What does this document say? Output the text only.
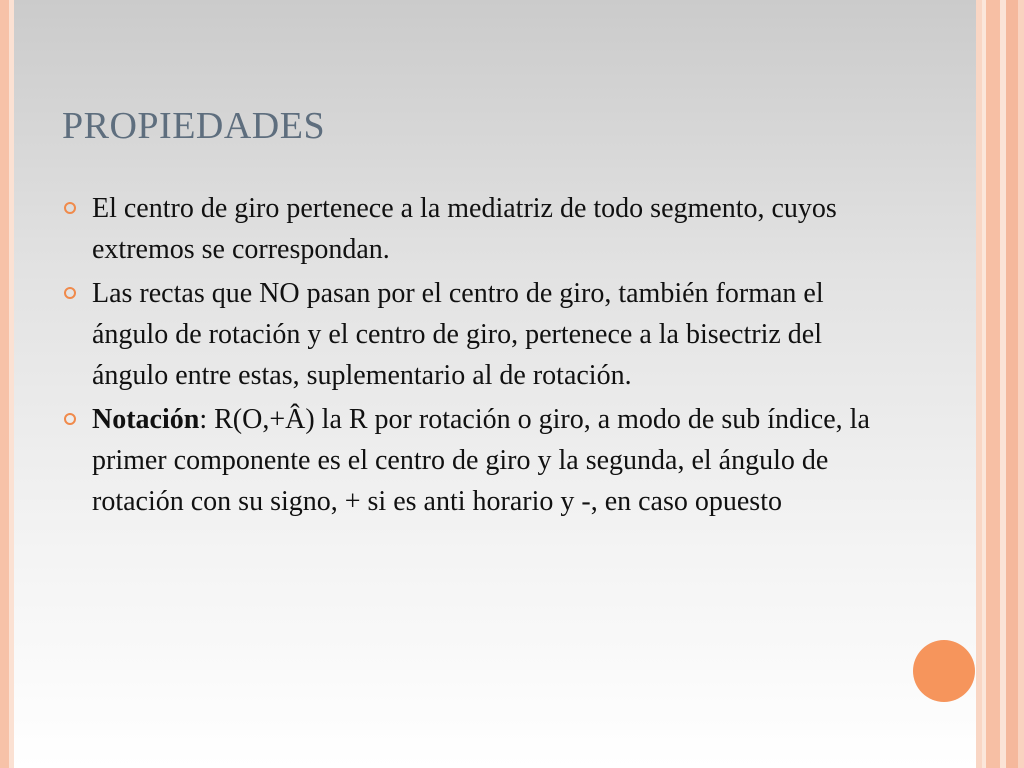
PROPIEDADES
El centro de giro pertenece a la mediatriz de todo segmento, cuyos extremos se correspondan.
Las rectas que NO pasan por el centro de giro, también forman el ángulo de rotación y el centro de giro, pertenece a la bisectriz del ángulo entre estas, suplementario al de rotación.
Notación: R(O,+Â) la R por rotación o giro, a modo de sub índice, la primer componente es el centro de giro y la segunda, el ángulo de rotación con su signo, + si es anti horario y -, en caso opuesto
